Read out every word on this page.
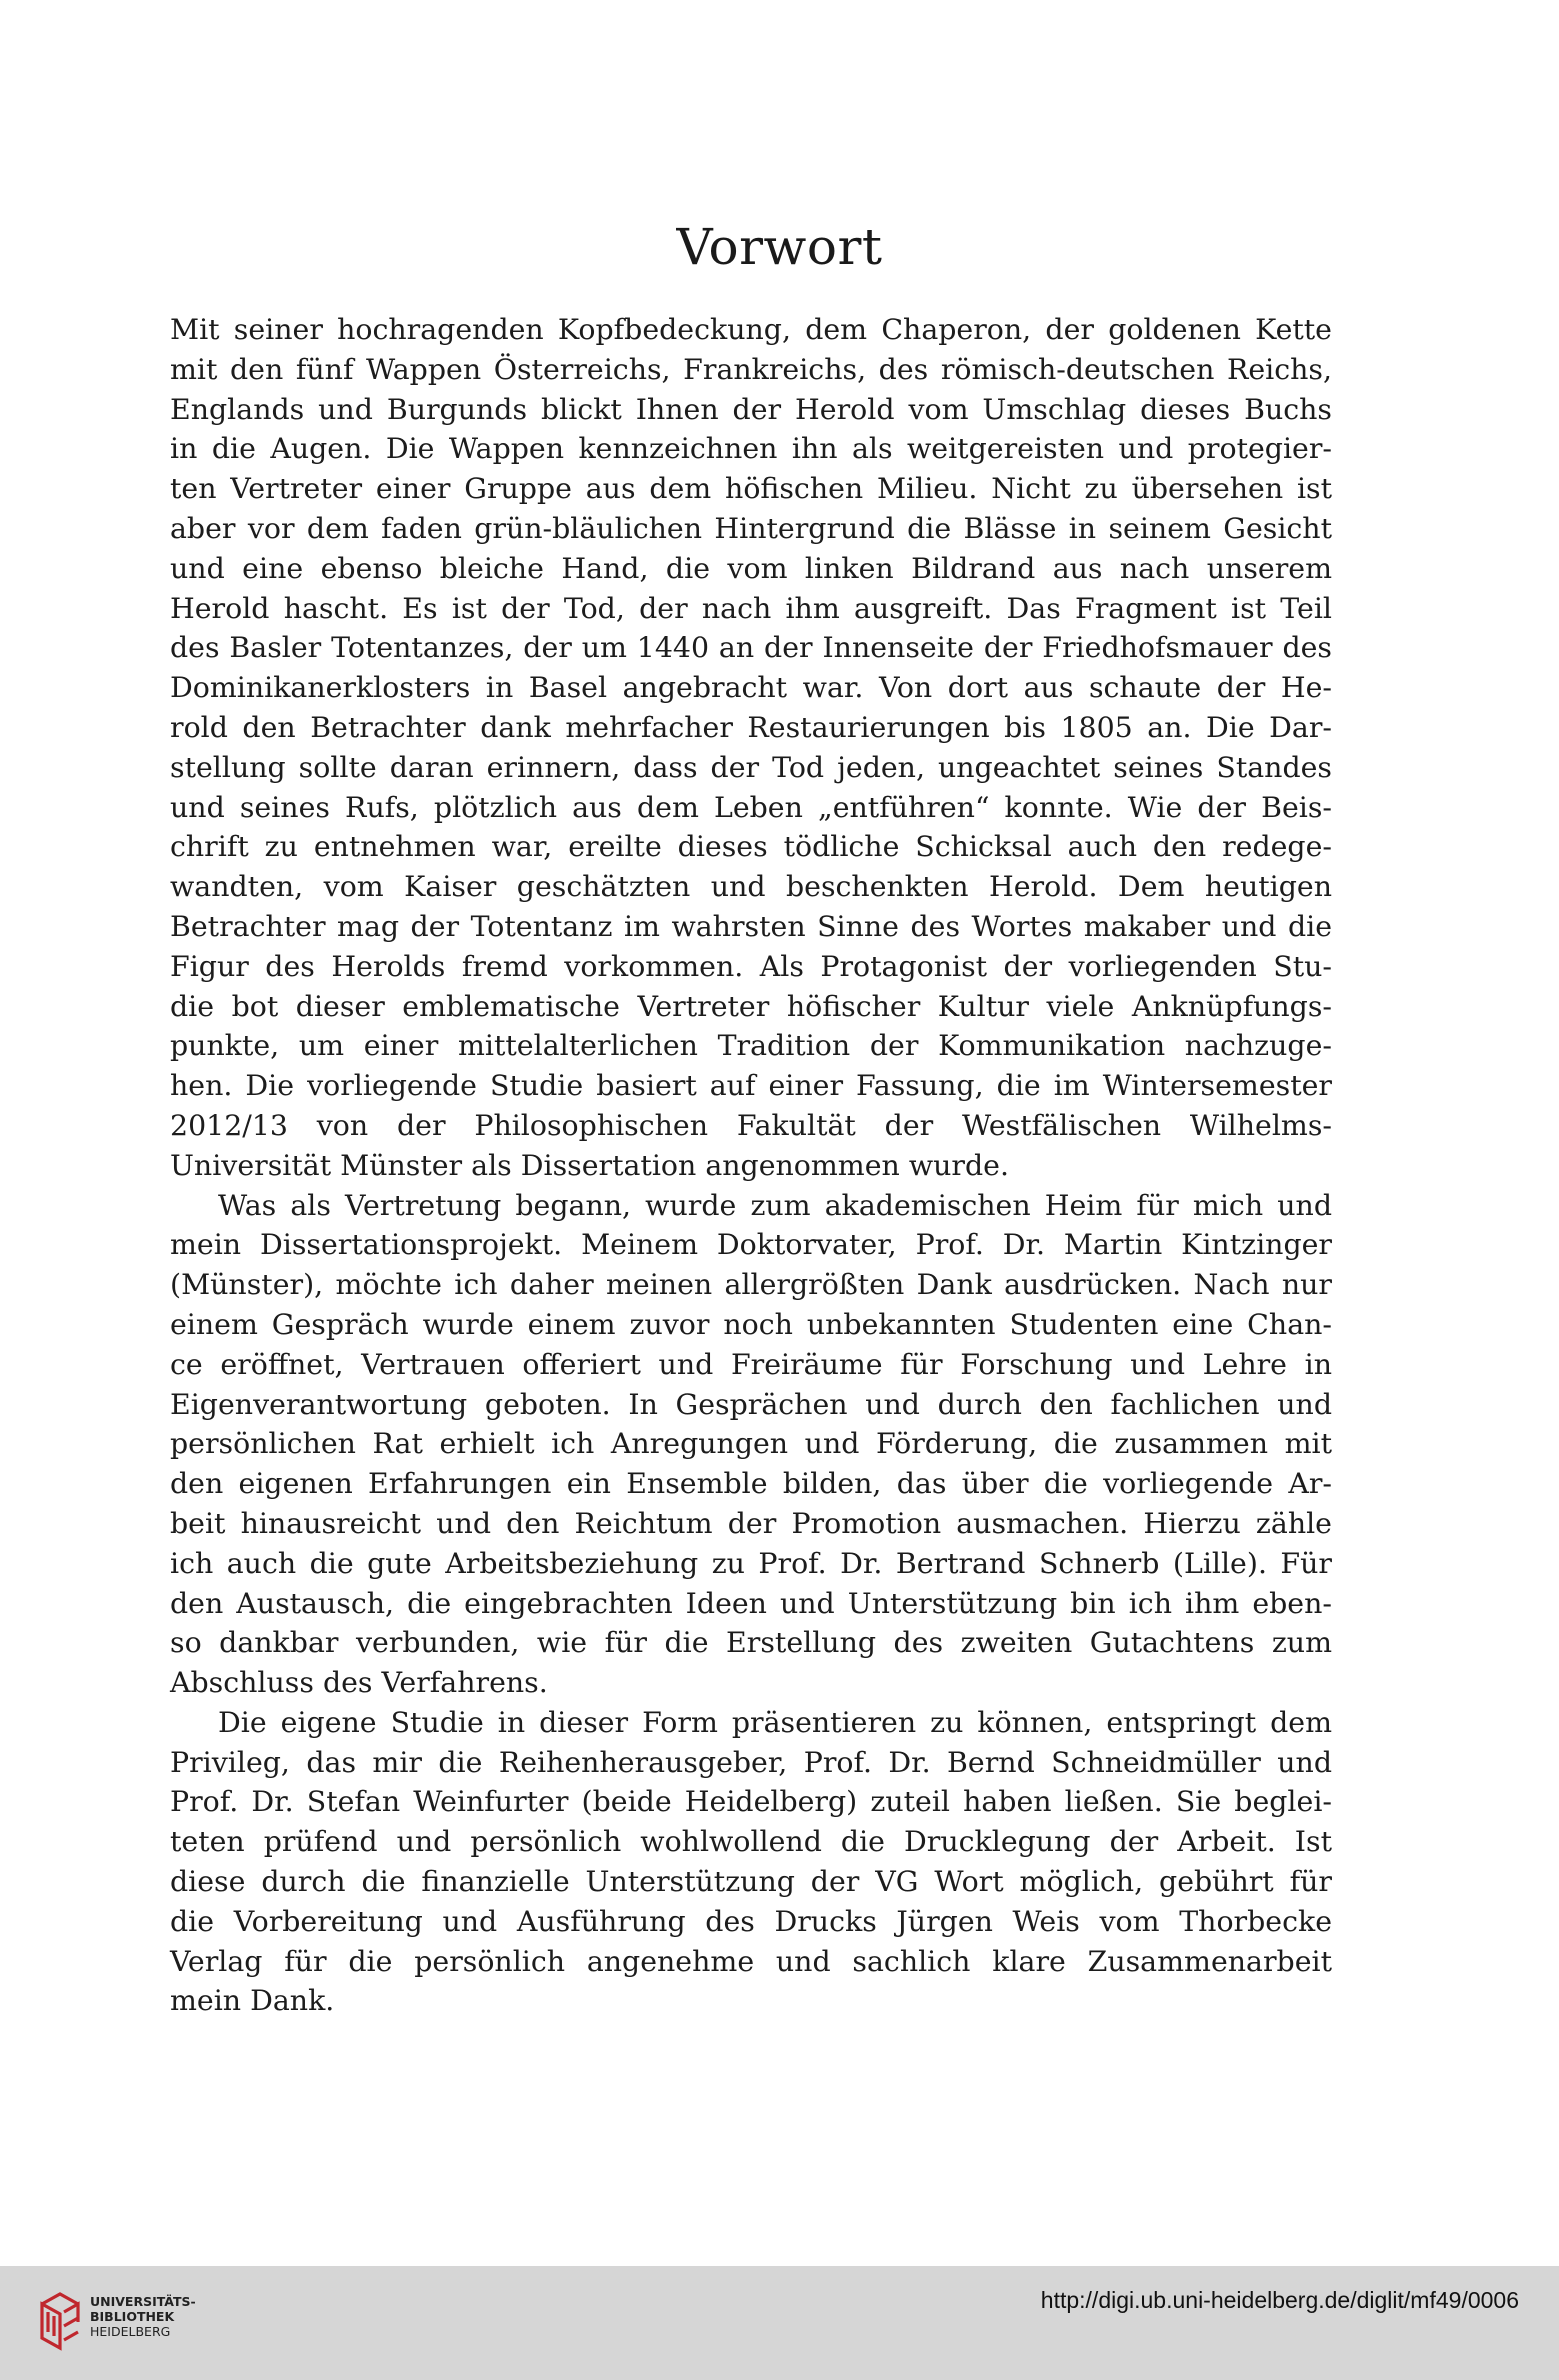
Vorwort
Mit seiner hochragenden Kopfbedeckung, dem Chaperon, der goldenen Kette
mit den fünf Wappen Österreichs, Frankreichs, des römisch-deutschen Reichs,
Englands und Burgunds blickt Ihnen der Herold vom Umschlag dieses Buchs
in die Augen. Die Wappen kennzeichnen ihn als weitgereisten und protegier-
ten Vertreter einer Gruppe aus dem höfischen Milieu. Nicht zu übersehen ist
aber vor dem faden grün-bläulichen Hintergrund die Blässe in seinem Gesicht
und eine ebenso bleiche Hand, die vom linken Bildrand aus nach unserem
Herold hascht. Es ist der Tod, der nach ihm ausgreift. Das Fragment ist Teil
des Basler Totentanzes, der um 1440 an der Innenseite der Friedhofsmauer des
Dominikanerklosters in Basel angebracht war. Von dort aus schaute der He-
rold den Betrachter dank mehrfacher Restaurierungen bis 1805 an. Die Dar-
stellung sollte daran erinnern, dass der Tod jeden, ungeachtet seines Standes
und seines Rufs, plötzlich aus dem Leben „entführen“ konnte. Wie der Beis-
chrift zu entnehmen war, ereilte dieses tödliche Schicksal auch den redege-
wandten, vom Kaiser geschätzten und beschenkten Herold. Dem heutigen
Betrachter mag der Totentanz im wahrsten Sinne des Wortes makaber und die
Figur des Herolds fremd vorkommen. Als Protagonist der vorliegenden Stu-
die bot dieser emblematische Vertreter höfischer Kultur viele Anknüpfungs-
punkte, um einer mittelalterlichen Tradition der Kommunikation nachzuge-
hen. Die vorliegende Studie basiert auf einer Fassung, die im Wintersemester
2012/13 von der Philosophischen Fakultät der Westfälischen Wilhelms-
Universität Münster als Dissertation angenommen wurde.
Was als Vertretung begann, wurde zum akademischen Heim für mich und
mein Dissertationsprojekt. Meinem Doktorvater, Prof. Dr. Martin Kintzinger
(Münster), möchte ich daher meinen allergrößten Dank ausdrücken. Nach nur
einem Gespräch wurde einem zuvor noch unbekannten Studenten eine Chan-
ce eröffnet, Vertrauen offeriert und Freiräume für Forschung und Lehre in
Eigenverantwortung geboten. In Gesprächen und durch den fachlichen und
persönlichen Rat erhielt ich Anregungen und Förderung, die zusammen mit
den eigenen Erfahrungen ein Ensemble bilden, das über die vorliegende Ar-
beit hinausreicht und den Reichtum der Promotion ausmachen. Hierzu zähle
ich auch die gute Arbeitsbeziehung zu Prof. Dr. Bertrand Schnerb (Lille). Für
den Austausch, die eingebrachten Ideen und Unterstützung bin ich ihm eben-
so dankbar verbunden, wie für die Erstellung des zweiten Gutachtens zum
Abschluss des Verfahrens.
Die eigene Studie in dieser Form präsentieren zu können, entspringt dem
Privileg, das mir die Reihenherausgeber, Prof. Dr. Bernd Schneidmüller und
Prof. Dr. Stefan Weinfurter (beide Heidelberg) zuteil haben ließen. Sie beglei-
teten prüfend und persönlich wohlwollend die Drucklegung der Arbeit. Ist
diese durch die finanzielle Unterstützung der VG Wort möglich, gebührt für
die Vorbereitung und Ausführung des Drucks Jürgen Weis vom Thorbecke
Verlag für die persönlich angenehme und sachlich klare Zusammenarbeit
mein Dank.
UNIVERSITÄTS-
BIBLIOTHEK
HEIDELBERG
http://digi.ub.uni-heidelberg.de/diglit/mf49/0006
